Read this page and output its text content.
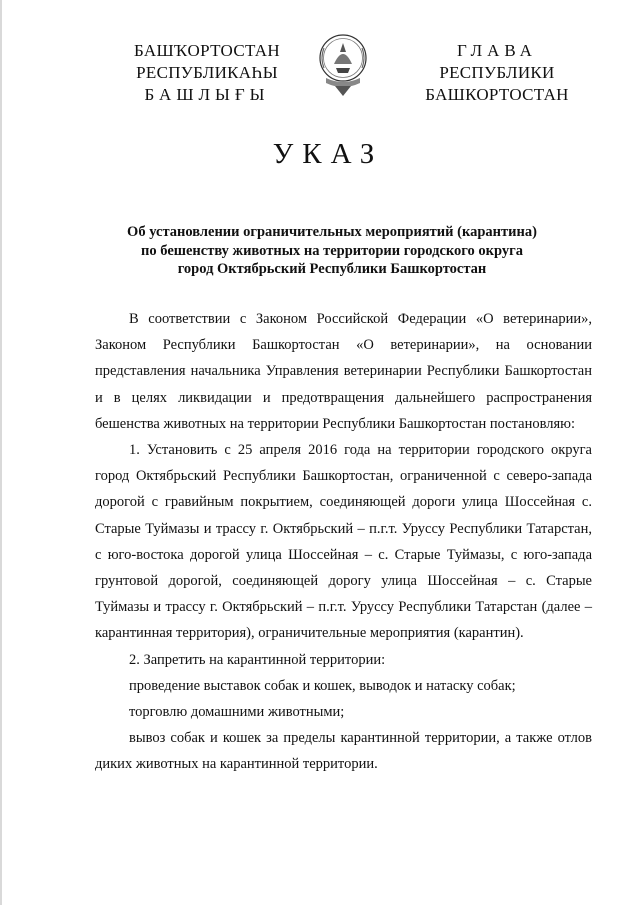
БАШҠОРТОСТАН
РЕСПУБЛИКАҺЫ
БАШЛЫҒЫ
ГЛАВА
РЕСПУБЛИКИ
БАШКОРТОСТАН
УКАЗ
Об установлении ограничительных мероприятий (карантина)
по бешенству животных на территории городского округа
город Октябрьский Республики Башкортостан

В соответствии с Законом Российской Федерации «О ветеринарии», Законом Республики Башкортостан «О ветеринарии», на основании представления начальника Управления ветеринарии Республики Башкортостан и в целях ликвидации и предотвращения дальнейшего распространения бешенства животных на территории Республики Башкортостан постановляю:

1. Установить с 25 апреля 2016 года на территории городского округа город Октябрьский Республики Башкортостан, ограниченной с северо-запада дорогой с гравийным покрытием, соединяющей дороги улица Шоссейная с. Старые Туймазы и трассу г. Октябрьский – п.г.т. Уруссу Республики Татарстан, с юго-востока дорогой улица Шоссейная – с. Старые Туймазы, с юго-запада грунтовой дорогой, соединяющей дорогу улица Шоссейная – с. Старые Туймазы и трассу г. Октябрьский – п.г.т. Уруссу Республики Татарстан (далее – карантинная территория), ограничительные мероприятия (карантин).

2. Запретить на карантинной территории:

проведение выставок собак и кошек, выводок и натаску собак;

торговлю домашними животными;

вывоз собак и кошек за пределы карантинной территории, а также отлов диких животных на карантинной территории.
